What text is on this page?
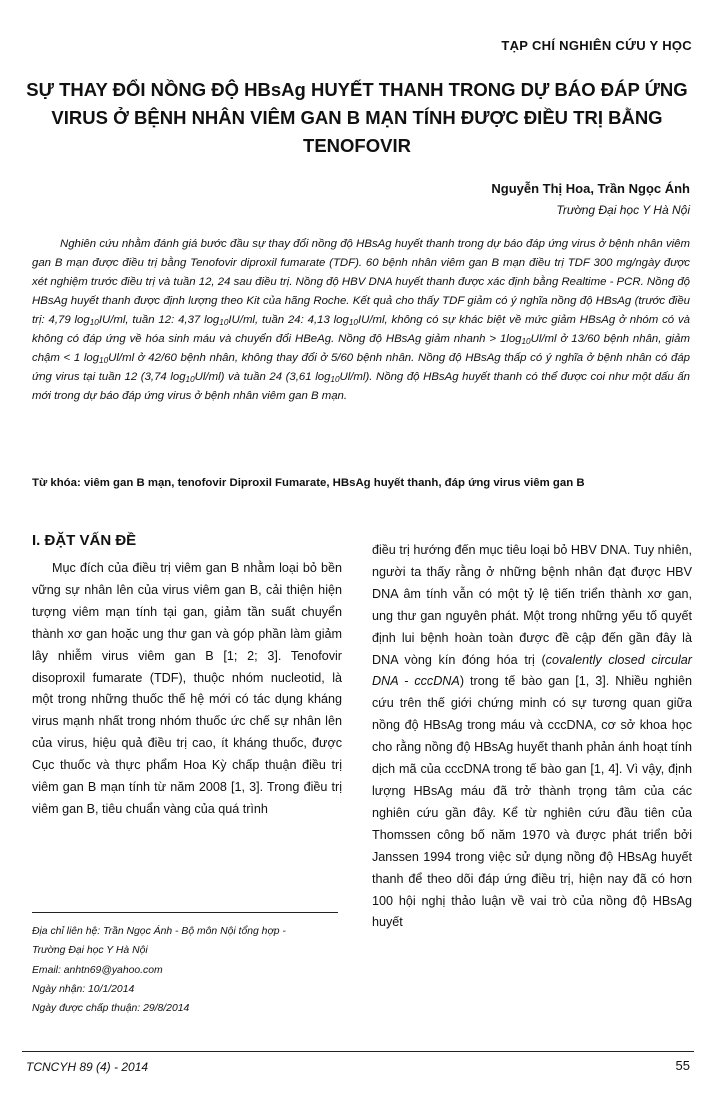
TẠP CHÍ NGHIÊN CỨU Y HỌC
SỰ THAY ĐỔI NỒNG ĐỘ HBsAg HUYẾT THANH TRONG DỰ BÁO ĐÁP ỨNG VIRUS Ở BỆNH NHÂN VIÊM GAN B MẠN TÍNH ĐƯỢC ĐIỀU TRỊ BẰNG TENOFOVIR
Nguyễn Thị Hoa, Trần Ngọc Ánh
Trường Đại học Y Hà Nội
Nghiên cứu nhằm đánh giá bước đầu sự thay đổi nồng độ HBsAg huyết thanh trong dự báo đáp ứng virus ở bệnh nhân viêm gan B mạn được điều trị bằng Tenofovir diproxil fumarate (TDF). 60 bệnh nhân viêm gan B mạn điều trị TDF 300 mg/ngày được xét nghiệm trước điều trị và tuần 12, 24 sau điều trị. Nồng độ HBV DNA huyết thanh được xác định bằng Realtime - PCR. Nồng độ HBsAg huyết thanh được định lượng theo Kit của hãng Roche. Kết quả cho thấy TDF giảm có ý nghĩa nồng độ HBsAg (trước điều trị: 4,79 $\log_{10}IU/ml$, tuần 12: 4,37 $\log_{10}IU/ml$, tuần 24: 4,13 $\log_{10}IU/ml$, không có sự khác biệt về mức giảm HBsAg ở nhóm có và không có đáp ứng về hóa sinh máu và chuyển đổi HBeAg. Nồng độ HBsAg giảm nhanh > $1\log_{10}Ul/ml$ ở 13/60 bệnh nhân, giảm chậm < 1 $\log_{10}Ul/ml$ ở 42/60 bệnh nhân, không thay đổi ở 5/60 bệnh nhân. Nồng độ HBsAg thấp có ý nghĩa ở bệnh nhân có đáp ứng virus tại tuần 12 (3,74 $\log_{10}Ul/ml$) và tuần 24 (3,61 $\log_{10}Ul/ml$). Nồng độ HBsAg huyết thanh có thể được coi như một dấu ấn mới trong dự báo đáp ứng virus ở bệnh nhân viêm gan B mạn.
Từ khóa: viêm gan B mạn, tenofovir Diproxil Fumarate, HBsAg huyết thanh, đáp ứng virus viêm gan B
I. ĐẶT VẤN ĐỀ

Mục đích của điều trị viêm gan B nhằm loại bỏ bền vững sự nhân lên của virus viêm gan B, cải thiện hiện tượng viêm mạn tính tại gan, giảm tần suất chuyển thành xơ gan hoặc ung thư gan và góp phần làm giảm lây nhiễm virus viêm gan B [1; 2; 3]. Tenofovir disoproxil fumarate (TDF), thuộc nhóm nucleotid, là một trong những thuốc thế hệ mới có tác dụng kháng virus mạnh nhất trong nhóm thuốc ức chế sự nhân lên của virus, hiệu quả điều trị cao, ít kháng thuốc, được Cục thuốc và thực phẩm Hoa Kỳ chấp thuận điều trị viêm gan B mạn tính từ năm 2008 [1, 3]. Trong điều trị viêm gan B, tiêu chuẩn vàng của quá trình

điều trị hướng đến mục tiêu loại bỏ HBV DNA. Tuy nhiên, người ta thấy rằng ở những bệnh nhân đạt được HBV DNA âm tính vẫn có một tỷ lệ tiến triển thành xơ gan, ung thư gan nguyên phát. Một trong những yếu tố quyết định lui bệnh hoàn toàn được đề cập đến gần đây là DNA vòng kín đóng hóa trị (covalently closed circular DNA - cccDNA) trong tế bào gan [1, 3]. Nhiều nghiên cứu trên thế giới chứng minh có sự tương quan giữa nồng độ HBsAg trong máu và cccDNA, cơ sở khoa học cho rằng nồng độ HBsAg huyết thanh phản ánh hoạt tính dịch mã của cccDNA trong tế bào gan [1, 4]. Vì vậy, định lượng HBsAg máu đã trở thành trọng tâm của các nghiên cứu gần đây. Kể từ nghiên cứu đầu tiên của Thomssen công bố năm 1970 và được phát triển bởi Janssen 1994 trong việc sử dụng nồng độ HBsAg huyết thanh để theo dõi đáp ứng điều trị, hiện nay đã có hơn 100 hội nghị thảo luận về vai trò của nồng độ HBsAg huyết

Địa chỉ liên hệ: Trần Ngọc Ánh - Bộ môn Nội tổng hợp -
Trường Đại học Y Hà Nội
Email: anhtn69@yahoo.com
Ngày nhận: 10/1/2014
Ngày được chấp thuận: 29/8/2014
TCNCYH 89 (4) - 2014	55
